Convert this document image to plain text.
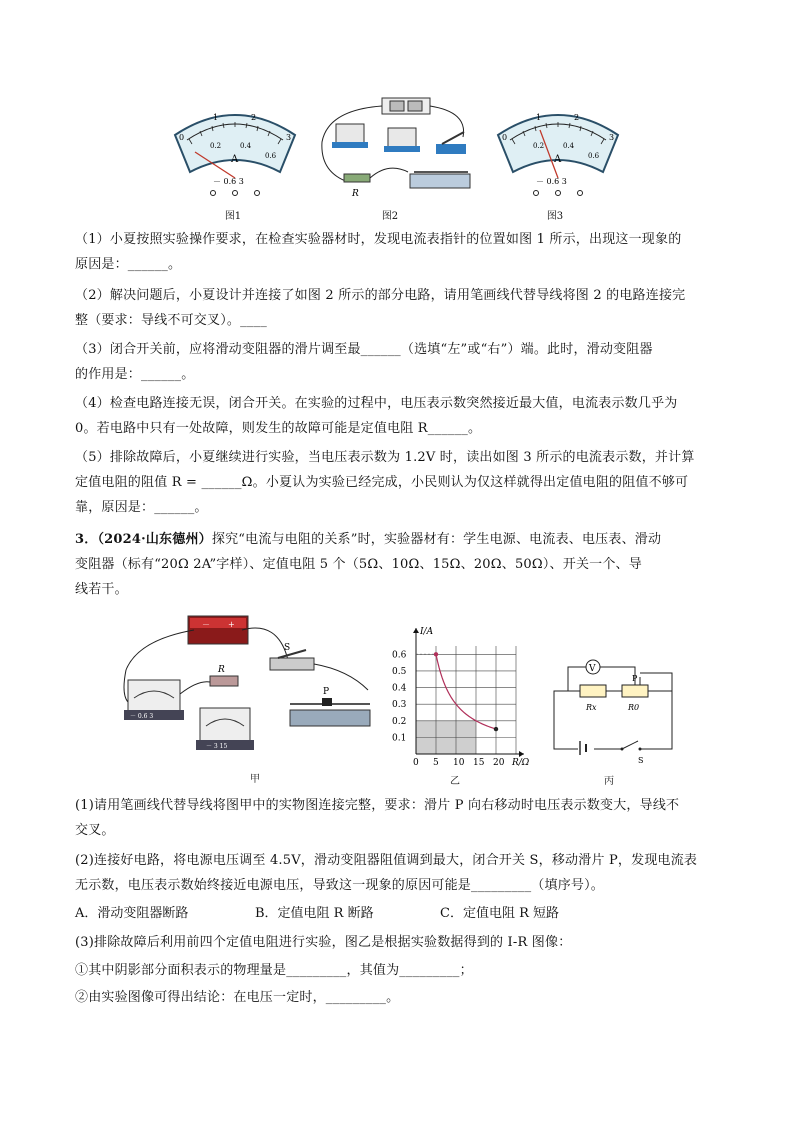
0
1	2
3
0.2	0.4
0.6
A
－ 0.6 3
图1
R
图2
0
1	2
3
0.2	0.4
0.6
A
－ 0.6 3
图3
（1）小夏按照实验操作要求，在检查实验器材时，发现电流表指针的位置如图 1 所示，出现这一现象的
原因是：______。
（2）解决问题后，小夏设计并连接了如图 2 所示的部分电路，请用笔画线代替导线将图 2 的电路连接完
整（要求：导线不可交叉）。____
（3）闭合开关前，应将滑动变阻器的滑片调至最______（选填“左”或“右”）端。此时，滑动变阻器
的作用是：______。
（4）检查电路连接无误，闭合开关。在实验的过程中，电压表示数突然接近最大值，电流表示数几乎为
0。若电路中只有一处故障，则发生的故障可能是定值电阻 R______。
（5）排除故障后，小夏继续进行实验，当电压表示数为 1.2V 时，读出如图 3 所示的电流表示数，并计算
定值电阻的阻值 R = ______Ω。小夏认为实验已经完成，小民则认为仅这样就得出定值电阻的阻值不够可
靠，原因是：______。
3．（2024·山东德州）探究“电流与电阻的关系”时，实验器材有：学生电源、电流表、电压表、滑动
变阻器（标有“20Ω 2A”字样）、定值电阻 5 个（5Ω、10Ω、15Ω、20Ω、50Ω）、开关一个、导
线若干。
－ +
S
－ 0.6 3
R
－ 3 15
P
甲
0 5 10 15 20
0.1
0.2
0.3
0.4
0.5
0.6
R/Ω
I/A
乙
V
P
Rx	R0
S
丙
(1)请用笔画线代替导线将图甲中的实物图连接完整，要求：滑片 P 向右移动时电压表示数变大，导线不
交叉。
(2)连接好电路，将电源电压调至 4.5V，滑动变阻器阻值调到最大，闭合开关 S，移动滑片 P，发现电流表
无示数，电压表示数始终接近电源电压，导致这一现象的原因可能是_________（填序号）。
A．滑动变阻器断路	B．定值电阻 R 断路	C．定值电阻 R 短路
(3)排除故障后利用前四个定值电阻进行实验，图乙是根据实验数据得到的 I-R 图像：
①其中阴影部分面积表示的物理量是_________，其值为_________；
②由实验图像可得出结论：在电压一定时，_________。
